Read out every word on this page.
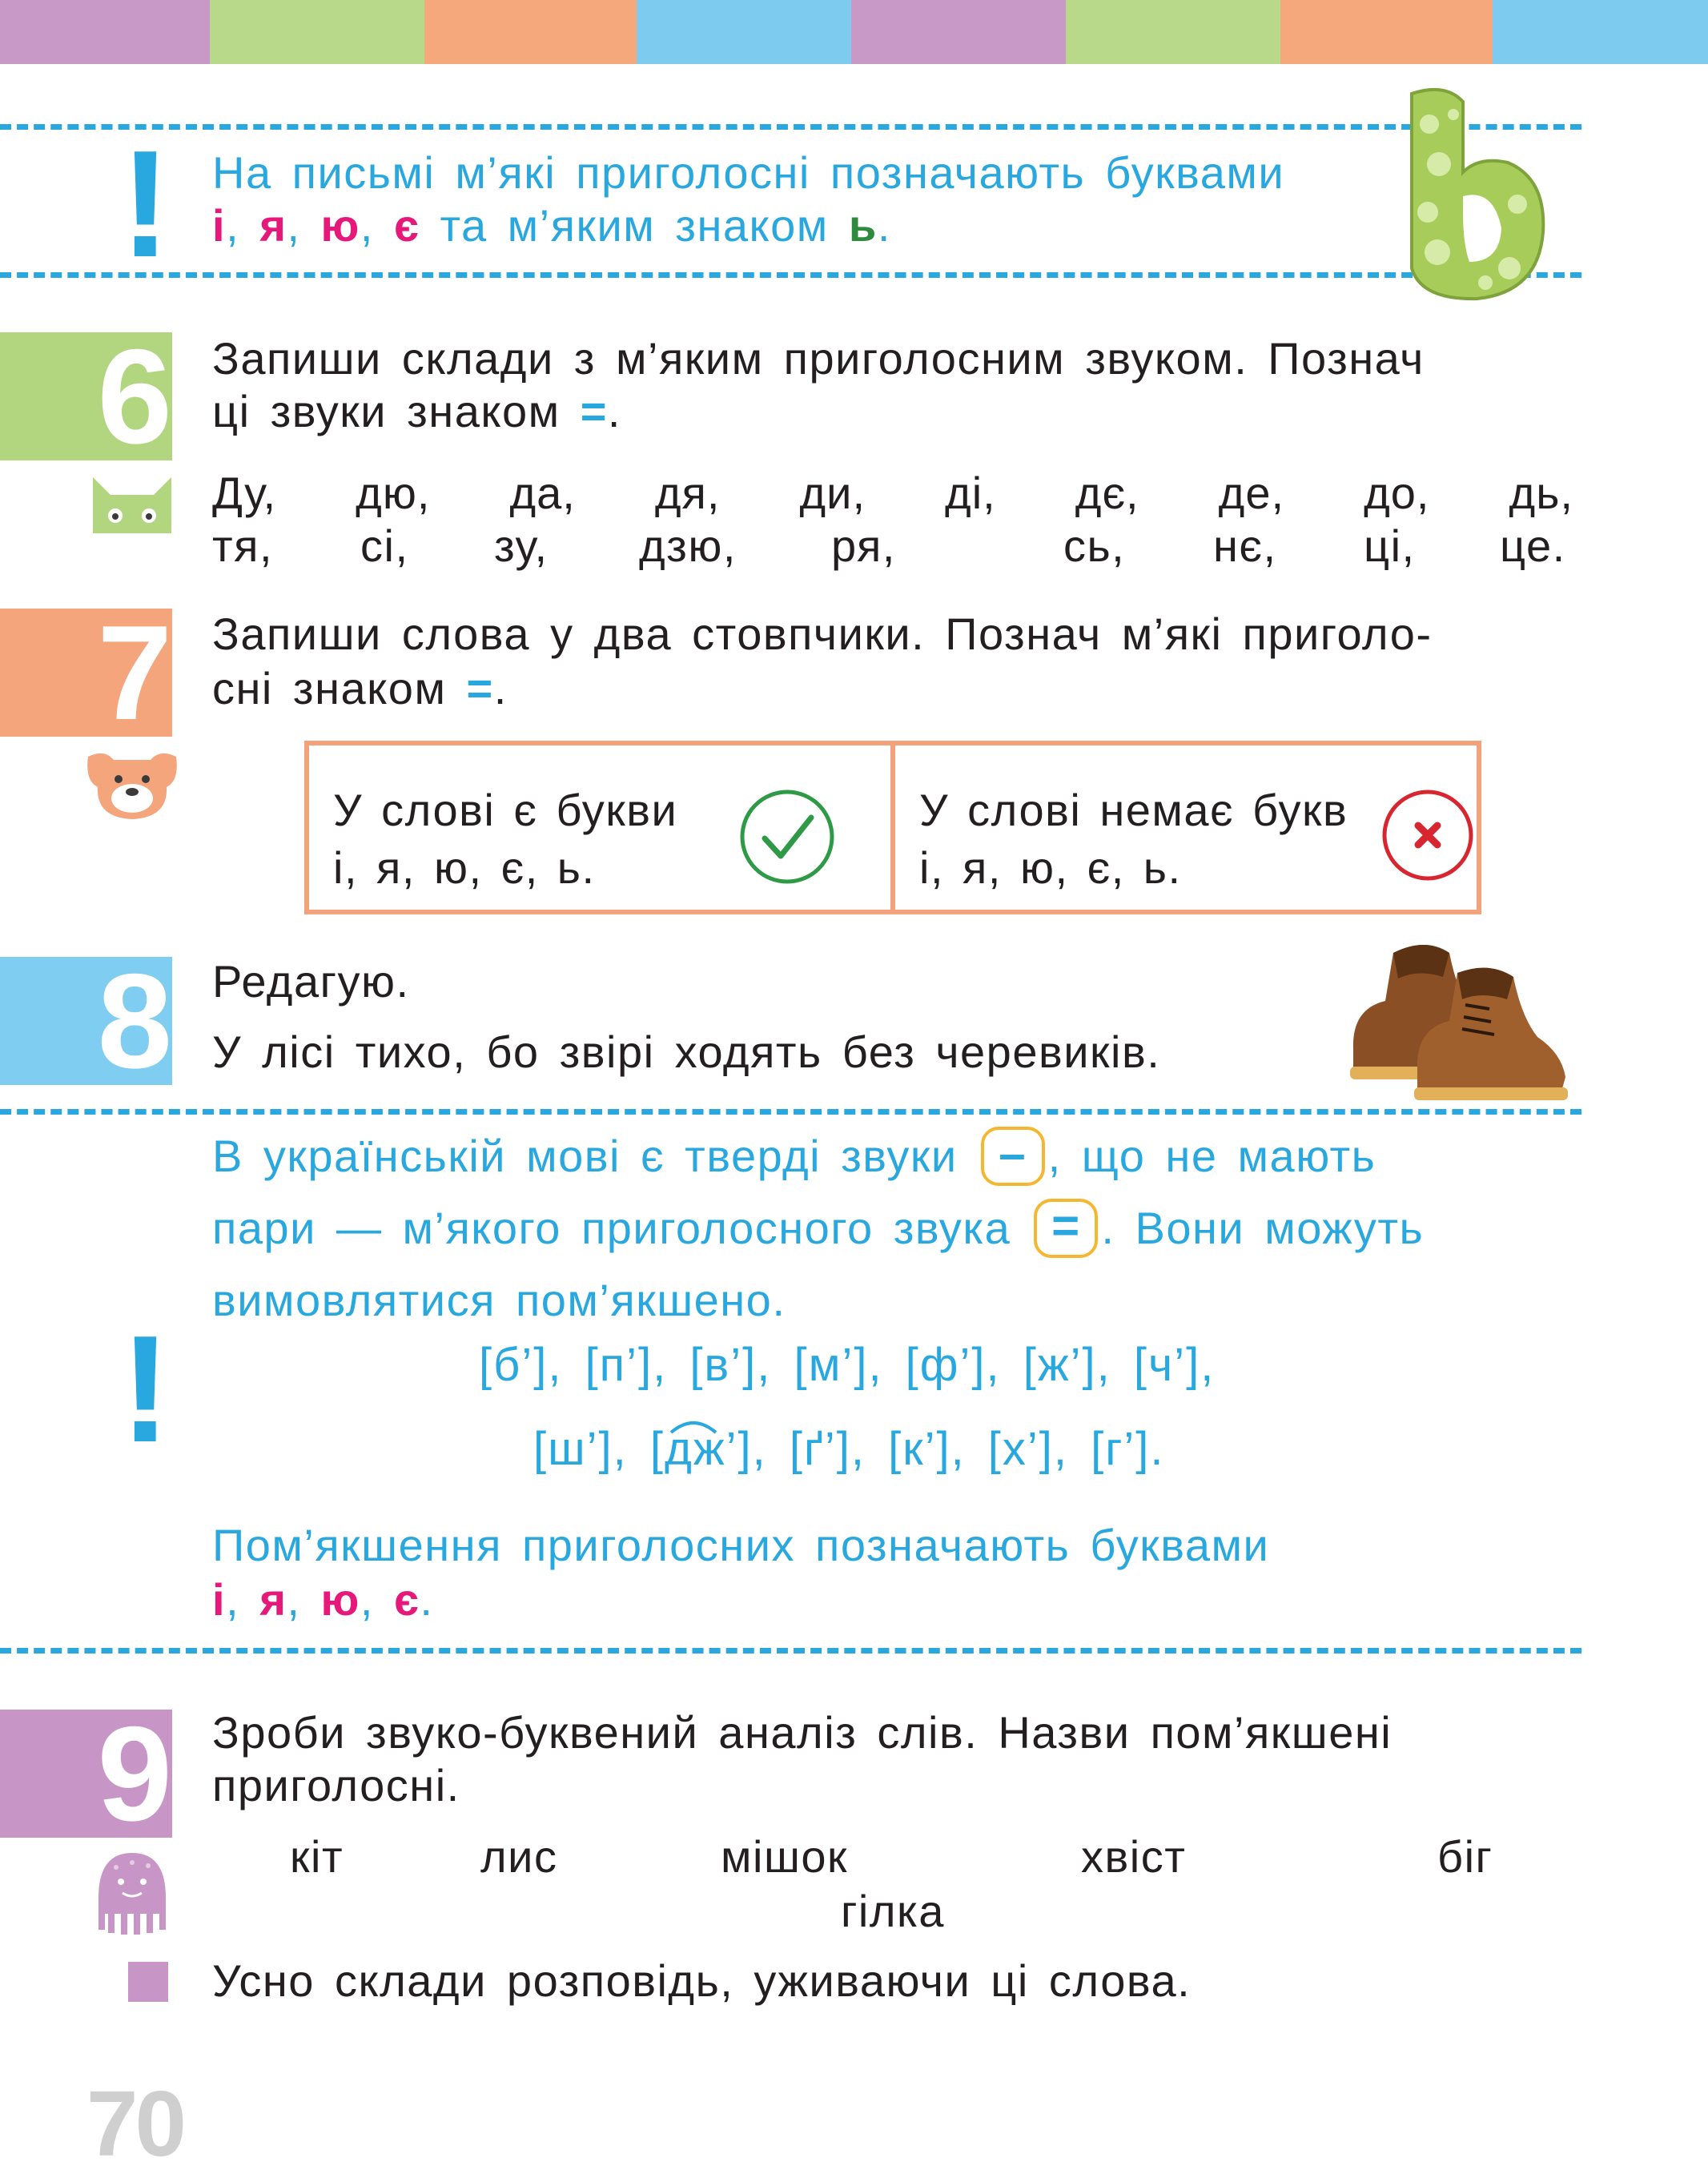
! На письмі м’які приголосні позначають буквами
і, я, ю, є та м’яким знаком ь.
6 Запиши склади з м’яким приголосним звуком. Познач
ці звуки знаком =.
Ду, дю, да, дя, ди, ді, дє, де, до, дь,
тя, сі, зу, дзю, ря,	сь, нє, ці, це.
7 Запиши слова у два стовпчики. Познач м’які приголо-
сні знаком =.
У слові є букви
і, я, ю, є, ь.
У слові немає букв
і, я, ю, є, ь.
8 Редагую.
У лісі тихо, бо звірі ходять без черевиків.
В українській мові є тверді звуки – , що не мають
пари — м’якого приголосного звука = . Вони можуть
вимовлятися пом’якшено.
!	[б’], [п’], [в’], [м’], [ф’], [ж’], [ч’],
[ш’], [дж
’], [ґ’], [к’], [х’], [г’].
Пом’якшення приголосних позначають буквами
і, я, ю, є.
9 Зроби звуко-буквений аналіз слів. Назви пом’якшені
приголосні.
кіт	лис	мішок	хвіст	біг
гілка
Усно склади розповідь, уживаючи ці слова.
70
